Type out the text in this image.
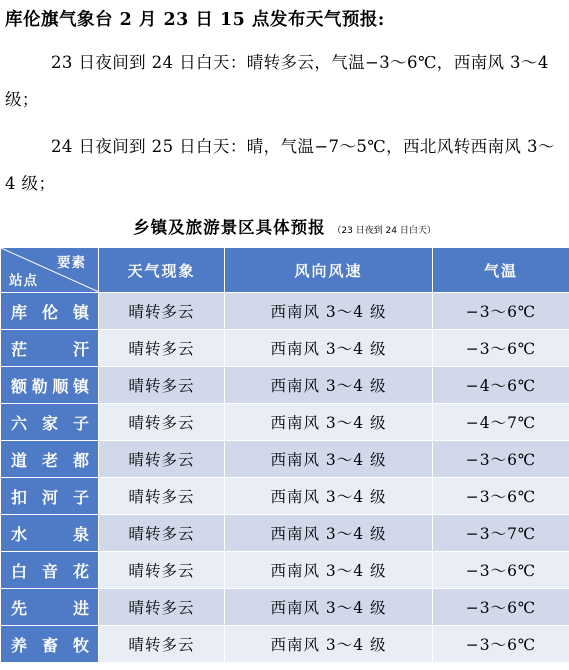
库伦旗气象台 2 月 23 日 15 点发布天气预报:
23 日夜间到 24 日白天：晴转多云，气温−3～6℃，西南风 3～4 级；
24 日夜间到 25 日白天：晴，气温−7～5℃，西北风转西南风 3～4 级；
乡镇及旅游景区具体预报 （23 日夜到 24 日白天）
要素
站点	天气现象	风向风速	气温
库伦镇	晴转多云	西南风 3～4 级	−3～6℃
茫汗	晴转多云	西南风 3～4 级	−3～6℃
额勒顺镇	晴转多云	西南风 3～4 级	−4～6℃
六家子	晴转多云	西南风 3～4 级	−4～7℃
道老都	晴转多云	西南风 3～4 级	−3～6℃
扣河子	晴转多云	西南风 3～4 级	−3～6℃
水泉	晴转多云	西南风 3～4 级	−3～7℃
白音花	晴转多云	西南风 3～4 级	−3～6℃
先进	晴转多云	西南风 3～4 级	−3～6℃
养畜牧	晴转多云	西南风 3～4 级	−3～6℃
